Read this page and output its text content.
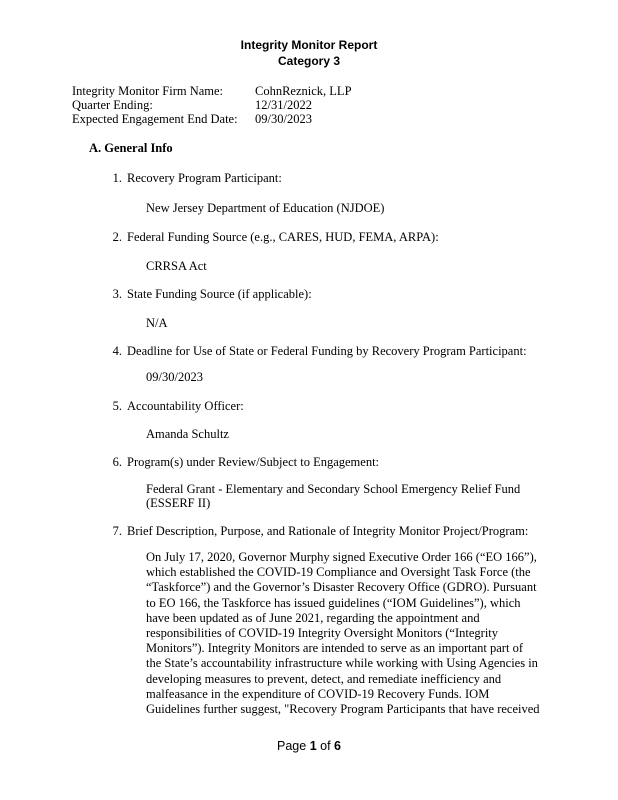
Integrity Monitor Report
Category 3
Integrity Monitor Firm Name:	CohnReznick, LLP
Quarter Ending:	12/31/2022
Expected Engagement End Date: 09/30/2023
A. General Info
1. Recovery Program Participant:
New Jersey Department of Education (NJDOE)
2. Federal Funding Source (e.g., CARES, HUD, FEMA, ARPA):
CRRSA Act
3. State Funding Source (if applicable):
N/A
4. Deadline for Use of State or Federal Funding by Recovery Program Participant:
09/30/2023
5. Accountability Officer:
Amanda Schultz
6. Program(s) under Review/Subject to Engagement:
Federal Grant - Elementary and Secondary School Emergency Relief Fund
(ESSERF II)
7. Brief Description, Purpose, and Rationale of Integrity Monitor Project/Program:
On July 17, 2020, Governor Murphy signed Executive Order 166 (“EO 166”),
which established the COVID-19 Compliance and Oversight Task Force (the
“Taskforce”) and the Governor’s Disaster Recovery Office (GDRO). Pursuant
to EO 166, the Taskforce has issued guidelines (“IOM Guidelines”), which
have been updated as of June 2021, regarding the appointment and
responsibilities of COVID-19 Integrity Oversight Monitors (“Integrity
Monitors”). Integrity Monitors are intended to serve as an important part of
the State’s accountability infrastructure while working with Using Agencies in
developing measures to prevent, detect, and remediate inefficiency and
malfeasance in the expenditure of COVID-19 Recovery Funds. IOM
Guidelines further suggest, "Recovery Program Participants that have received
Page 1 of 6
